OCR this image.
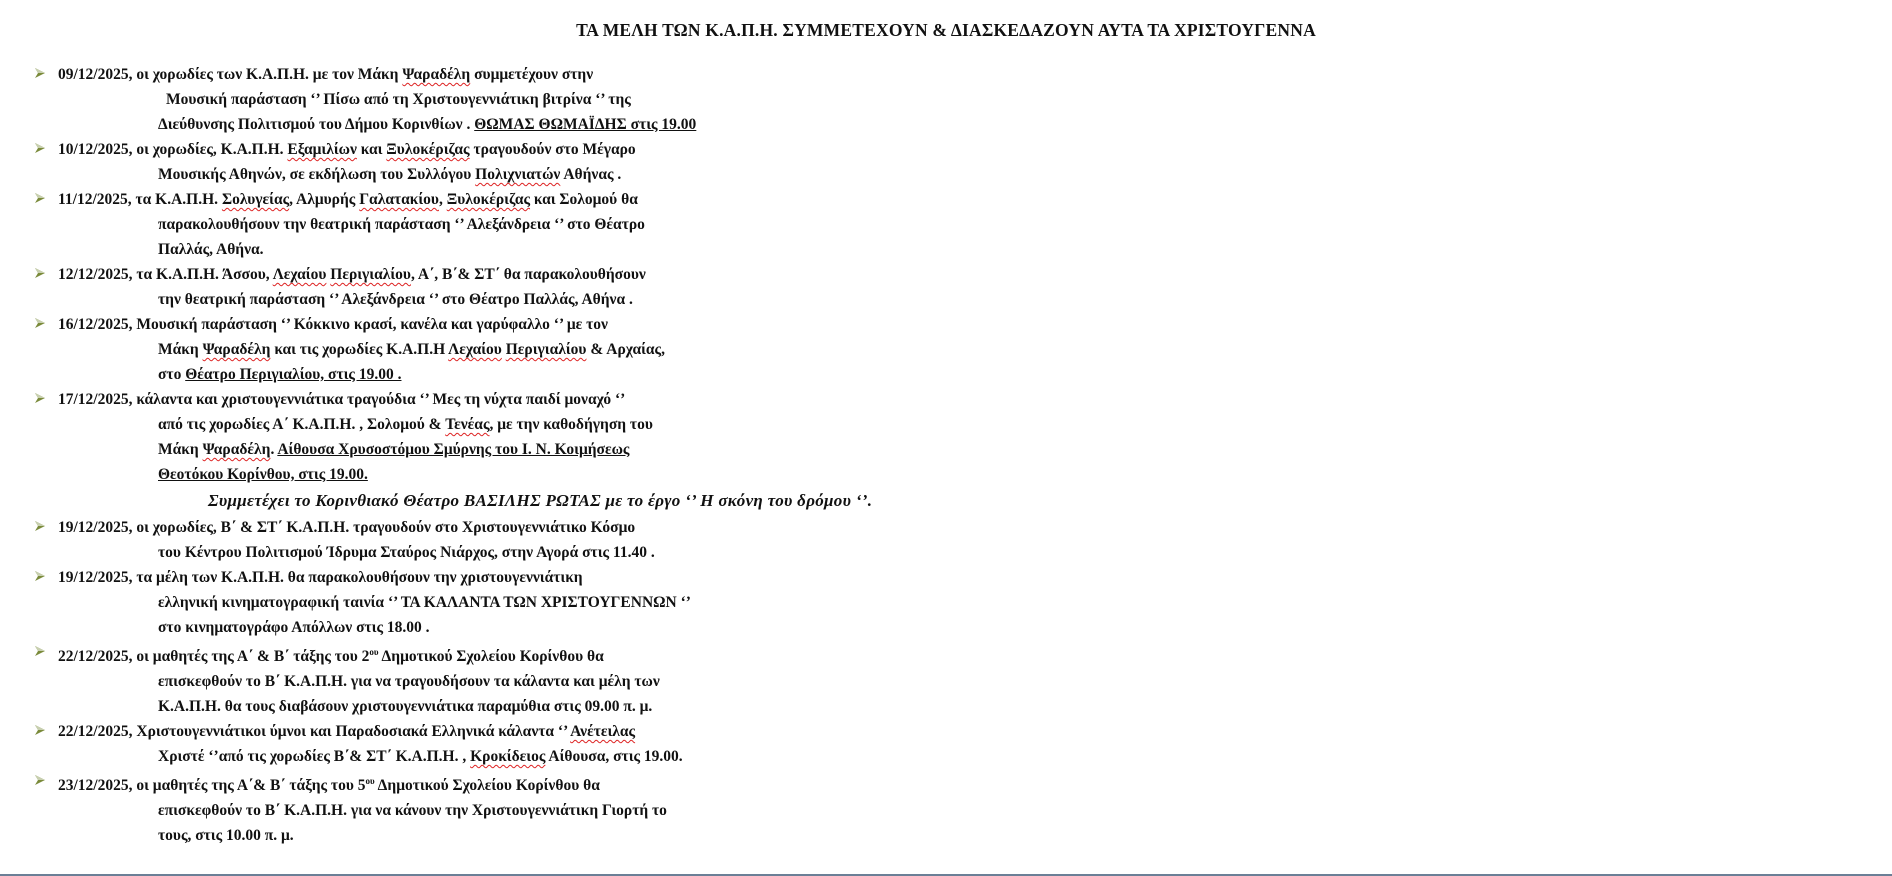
ΤΑ ΜΕΛΗ ΤΩΝ Κ.Α.Π.Η. ΣΥΜΜΕΤΕΧΟΥΝ & ΔΙΑΣΚΕΔΑΖΟΥΝ ΑΥΤΑ ΤΑ ΧΡΙΣΤΟΥΓΕΝΝΑ
09/12/2025, οι χορωδίες των Κ.Α.Π.Η. με τον Μάκη Ψαραδέλη συμμετέχουν στην
Μουσική παράσταση ‘’ Πίσω από τη Χριστουγεννιάτικη βιτρίνα ‘’ της
Διεύθυνσης Πολιτισμού του Δήμου Κορινθίων . ΘΩΜΑΣ ΘΩΜΑΪΔΗΣ στις 19.00
10/12/2025, οι χορωδίες, Κ.Α.Π.Η. Εξαμιλίων και Ξυλοκέριζας τραγουδούν στο Μέγαρο
Μουσικής Αθηνών, σε εκδήλωση του Συλλόγου Πολιχνιατών Αθήνας .
11/12/2025, τα Κ.Α.Π.Η. Σολυγείας, Αλμυρής Γαλατακίου, Ξυλοκέριζας και Σολομού θα
παρακολουθήσουν την θεατρική παράσταση ‘’ Αλεξάνδρεια ‘’ στο Θέατρο
Παλλάς, Αθήνα.
12/12/2025, τα Κ.Α.Π.Η. Άσσου, Λεχαίου Περιγιαλίου, Α΄, Β΄& ΣΤ΄ θα παρακολουθήσουν
την θεατρική παράσταση ‘’ Αλεξάνδρεια ‘’ στο Θέατρο Παλλάς, Αθήνα .
16/12/2025, Μουσική παράσταση ‘’ Κόκκινο κρασί, κανέλα και γαρύφαλλο ‘’ με τον
Μάκη Ψαραδέλη και τις χορωδίες Κ.Α.Π.Η Λεχαίου Περιγιαλίου & Αρχαίας,
στο Θέατρο Περιγιαλίου, στις 19.00 .
17/12/2025, κάλαντα και χριστουγεννιάτικα τραγούδια ‘’ Μες τη νύχτα παιδί μοναχό ‘’
από τις χορωδίες Α΄ Κ.Α.Π.Η. , Σολομού & Τενέας, με την καθοδήγηση του
Μάκη Ψαραδέλη. Αίθουσα Χρυσοστόμου Σμύρνης του Ι. Ν. Κοιμήσεως
Θεοτόκου Κορίνθου, στις 19.00.
Συμμετέχει το Κορινθιακό Θέατρο ΒΑΣΙΛΗΣ ΡΩΤΑΣ με το έργο ‘’ Η σκόνη του δρόμου ‘’.
19/12/2025, οι χορωδίες, Β΄ & ΣΤ΄ Κ.Α.Π.Η. τραγουδούν στο Χριστουγεννιάτικο Κόσμο
του Κέντρου Πολιτισμού Ίδρυμα Σταύρος Νιάρχος, στην Αγορά στις 11.40 .
19/12/2025, τα μέλη των Κ.Α.Π.Η. θα παρακολουθήσουν την χριστουγεννιάτικη
ελληνική κινηματογραφική ταινία ‘’ ΤΑ ΚΑΛΑΝΤΑ ΤΩΝ ΧΡΙΣΤΟΥΓΕΝΝΩΝ ‘’
στο κινηματογράφο Απόλλων στις 18.00 .
22/12/2025, οι μαθητές της Α΄ & Β΄ τάξης του $2^{o\upsilon}$ Δημοτικού Σχολείου Κορίνθου θα
επισκεφθούν το Β΄ Κ.Α.Π.Η. για να τραγουδήσουν τα κάλαντα και μέλη των
Κ.Α.Π.Η. θα τους διαβάσουν χριστουγεννιάτικα παραμύθια στις 09.00 π. μ.
22/12/2025, Χριστουγεννιάτικοι ύμνοι και Παραδοσιακά Ελληνικά κάλαντα ‘’ Ανέτειλας
Χριστέ ‘’από τις χορωδίες Β΄& ΣΤ΄ Κ.Α.Π.Η. , Κροκίδειος Αίθουσα, στις 19.00.
23/12/2025, οι μαθητές της Α΄& Β΄ τάξης του $5^{o\upsilon}$ Δημοτικού Σχολείου Κορίνθου θα
επισκεφθούν το Β΄ Κ.Α.Π.Η. για να κάνουν την Χριστουγεννιάτικη Γιορτή το
τους, στις 10.00 π. μ.
